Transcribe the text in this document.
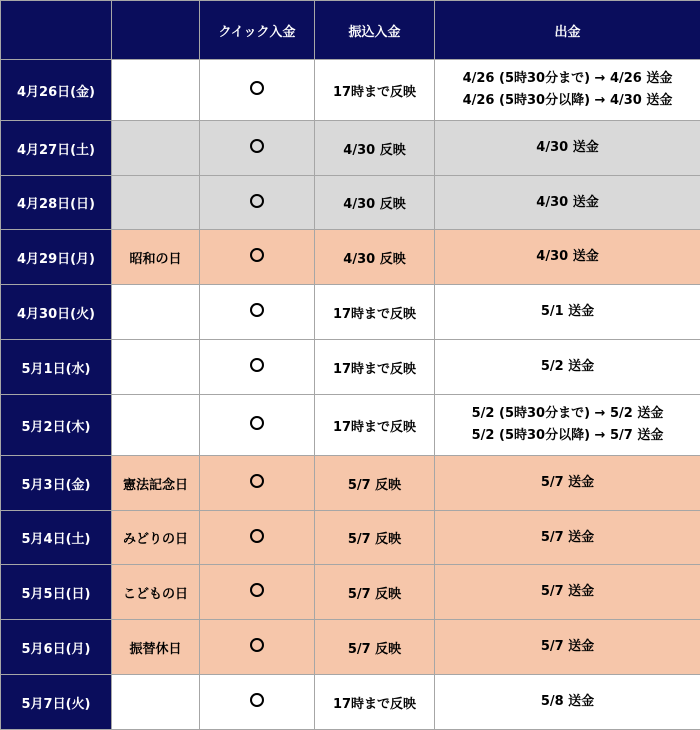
		クイック入金	振込入金	出金
4月26日(金)			17時まで反映	4/26 (5時30分まで) → 4/26 送金
4/26 (5時30分以降) → 4/30 送金

4月27日(土)			4/30 反映	4/30 送金

4月28日(日)			4/30 反映	4/30 送金

4月29日(月)	昭和の日		4/30 反映	4/30 送金

4月30日(火)			17時まで反映	5/1 送金

5月1日(水)			17時まで反映	5/2 送金

5月2日(木)			17時まで反映	5/2 (5時30分まで) → 5/2 送金
5/2 (5時30分以降) → 5/7 送金

5月3日(金)	憲法記念日		5/7 反映	5/7 送金

5月4日(土)	みどりの日		5/7 反映	5/7 送金

5月5日(日)	こどもの日		5/7 反映	5/7 送金

5月6日(月)	振替休日		5/7 反映	5/7 送金

5月7日(火)			17時まで反映	5/8 送金
